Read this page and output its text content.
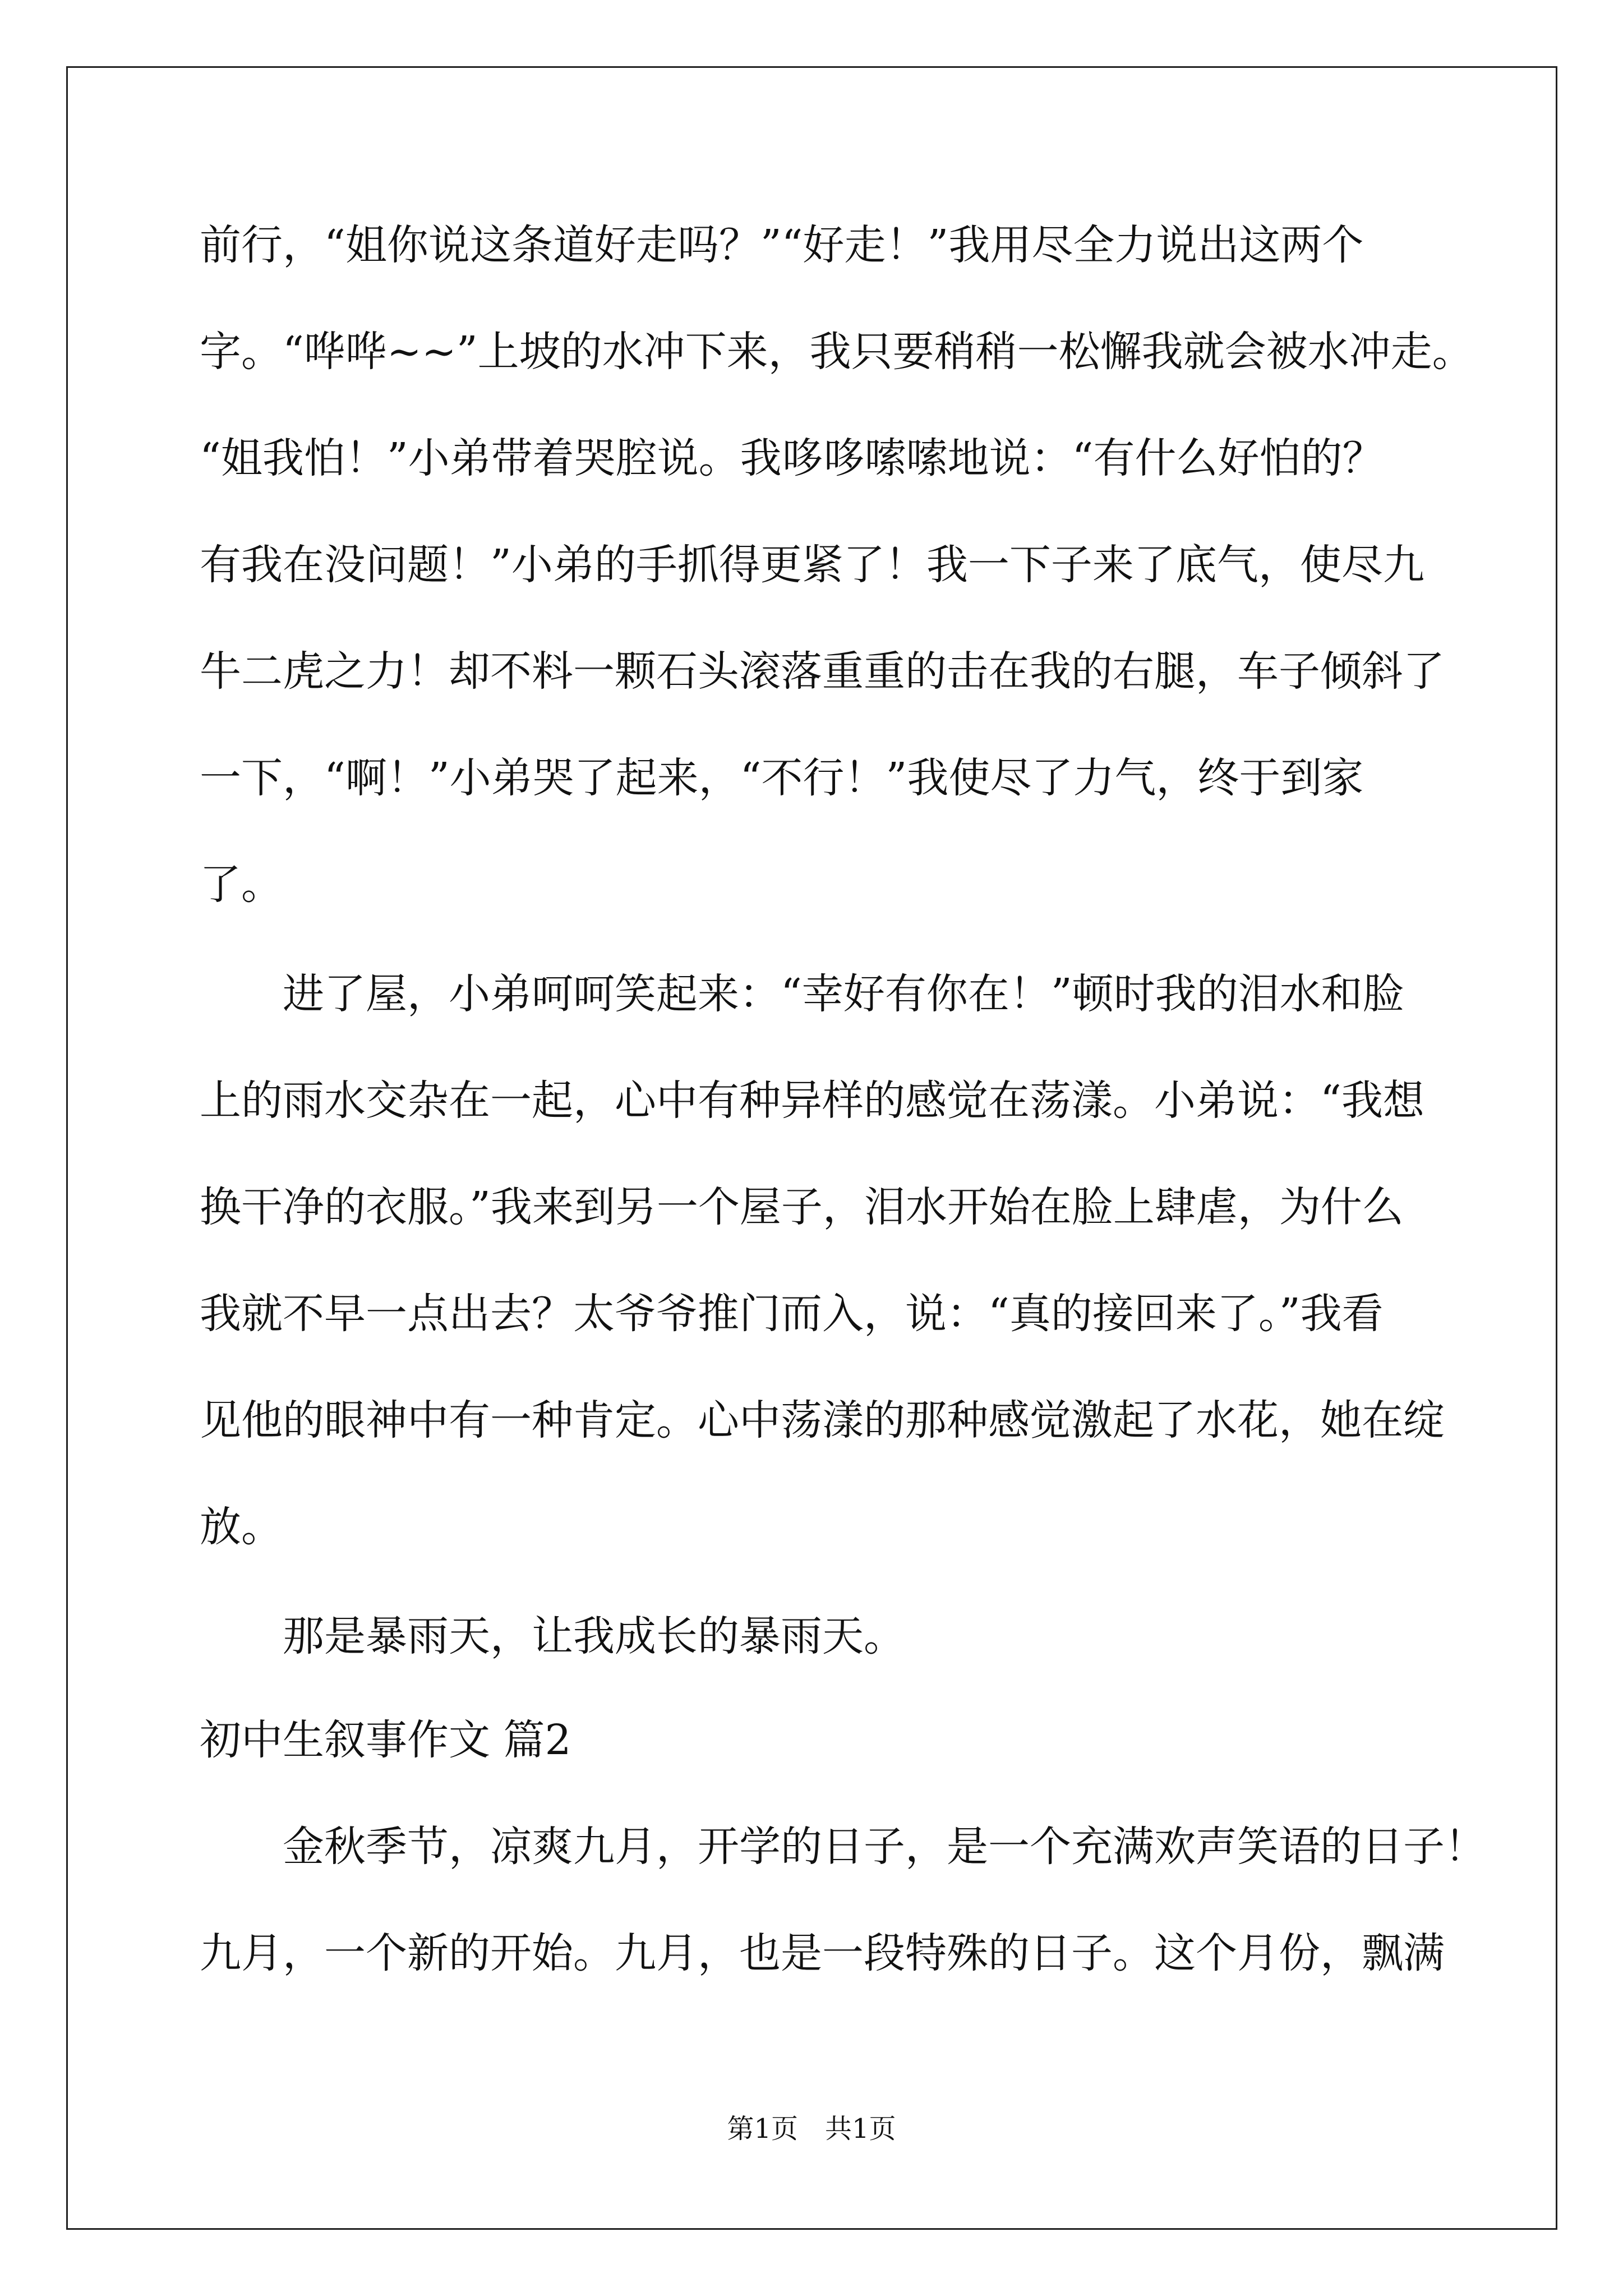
前行，“姐你说这条道好走吗？”“好走！”我用尽全力说出这两个
字。“哗哗~~”上坡的水冲下来，我只要稍稍一松懈我就会被水冲走。
“姐我怕！”小弟带着哭腔说。我哆哆嗦嗦地说：“有什么好怕的？
有我在没问题！”小弟的手抓得更紧了！我一下子来了底气，使尽九
牛二虎之力！却不料一颗石头滚落重重的击在我的右腿，车子倾斜了
一下，“啊！”小弟哭了起来，“不行！”我使尽了力气，终于到家
了。
　　进了屋，小弟呵呵笑起来：“幸好有你在！”顿时我的泪水和脸
上的雨水交杂在一起，心中有种异样的感觉在荡漾。小弟说：“我想
换干净的衣服。”我来到另一个屋子，泪水开始在脸上肆虐，为什么
我就不早一点出去？太爷爷推门而入，说：“真的接回来了。”我看
见他的眼神中有一种肯定。心中荡漾的那种感觉激起了水花，她在绽
放。
　　那是暴雨天，让我成长的暴雨天。
初中生叙事作文 篇2
　　金秋季节，凉爽九月，开学的日子，是一个充满欢声笑语的日子！
九月，一个新的开始。九月，也是一段特殊的日子。这个月份，飘满
第1页　共1页
